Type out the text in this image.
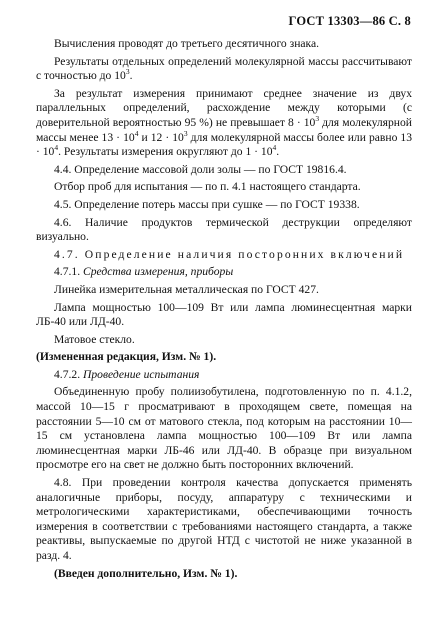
ГОСТ 13303—86 С. 8

Вычисления проводят до третьего десятичного знака.

Результаты отдельных определений молекулярной массы рассчитывают с точностью до $10^3$.

За результат измерения принимают среднее значение из двух параллельных определений, расхождение между которыми (с доверительной вероятностью 95 %) не превышает $8 \cdot 10^3$ для молекулярной массы менее $13 \cdot 10^4$ и $12 \cdot 10^3$ для молекулярной массы более или равно $13 \cdot 10^4$. Результаты измерения округляют до $1 \cdot 10^4$.

4.4. Определение массовой доли золы — по ГОСТ 19816.4.

Отбор проб для испытания — по п. 4.1 настоящего стандарта.

4.5. Определение потерь массы при сушке — по ГОСТ 19338.

4.6. Наличие продуктов термической деструкции определяют визуально.

4.7. Определение наличия посторонних включений

4.7.1. Средства измерения, приборы

Линейка измерительная металлическая по ГОСТ 427.

Лампа мощностью 100—109 Вт или лампа люминесцентная марки ЛБ-40 или ЛД-40.

Матовое стекло.

(Измененная редакция, Изм. № 1).

4.7.2. Проведение испытания

Объединенную пробу полиизобутилена, подготовленную по п. 4.1.2, массой 10—15 г просматривают в проходящем свете, помещая на расстоянии 5—10 см от матового стекла, под которым на расстоянии 10—15 см установлена лампа мощностью 100—109 Вт или лампа люминесцентная марки ЛБ-46 или ЛД-40. В образце при визуальном просмотре его на свет не должно быть посторонних включений.

4.8. При проведении контроля качества допускается применять аналогичные приборы, посуду, аппаратуру с техническими и метрологическими характеристиками, обеспечивающими точность измерения в соответствии с требованиями настоящего стандарта, а также реактивы, выпускаемые по другой НТД с чистотой не ниже указанной в разд. 4.

(Введен дополнительно, Изм. № 1).
